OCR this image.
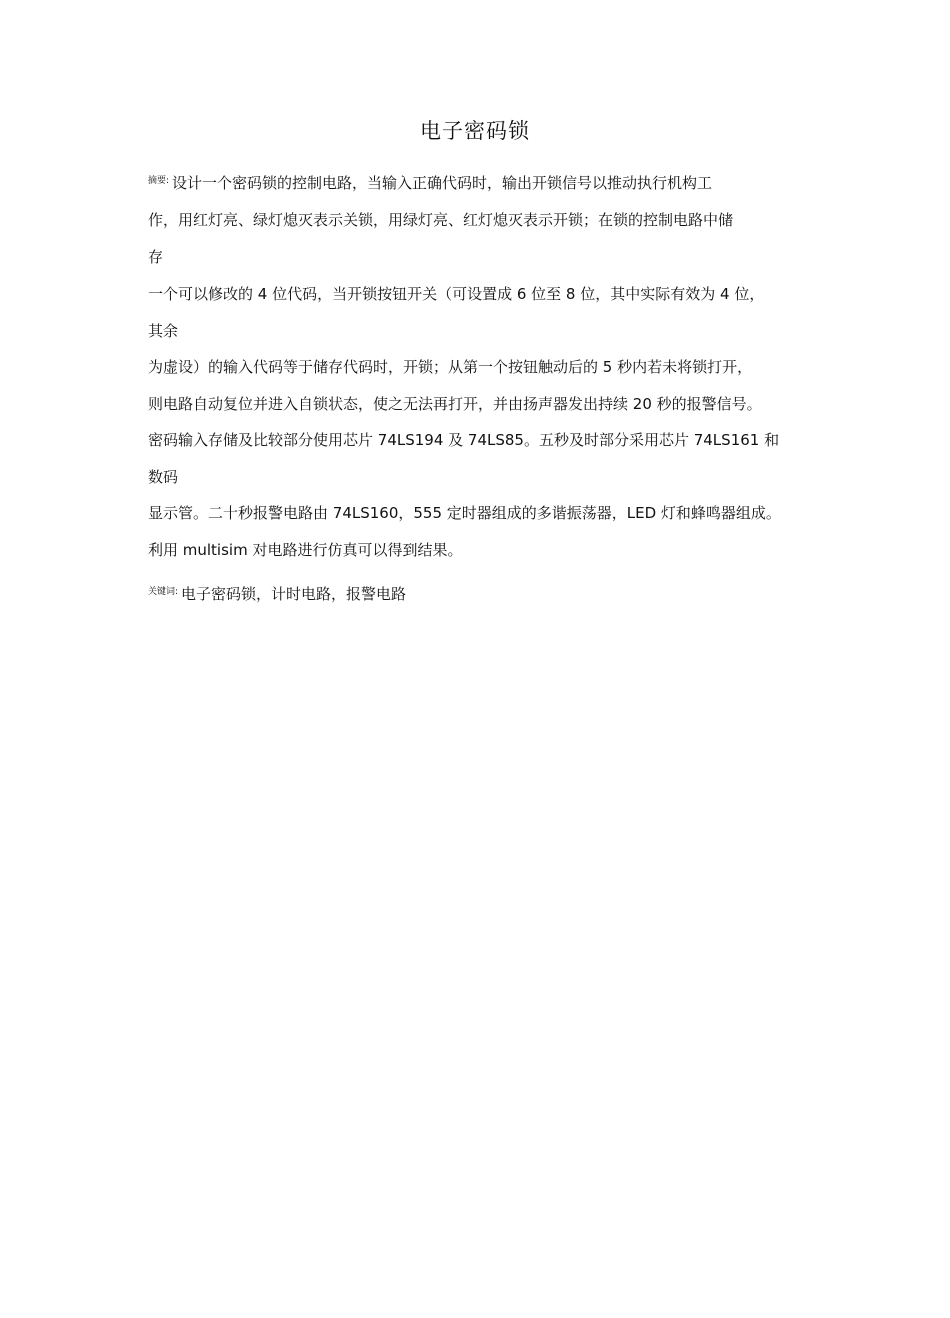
电子密码锁
$^{摘要:}$ 设计一个密码锁的控制电路，当输入正确代码时，输出开锁信号以推动执行机构工
作，用红灯亮、绿灯熄灭表示关锁，用绿灯亮、红灯熄灭表示开锁；在锁的控制电路中储
存
一个可以修改的 4 位代码，当开锁按钮开关（可设置成 6 位至 8 位，其中实际有效为 4 位，
其余
为虚设）的输入代码等于储存代码时，开锁；从第一个按钮触动后的 5 秒内若未将锁打开，
则电路自动复位并进入自锁状态，使之无法再打开，并由扬声器发出持续 20 秒的报警信号。
密码输入存储及比较部分使用芯片 74LS194 及 74LS85。五秒及时部分采用芯片 74LS161 和
数码
显示管。二十秒报警电路由 74LS160，555 定时器组成的多谐振荡器，LED 灯和蜂鸣器组成。
利用 multisim 对电路进行仿真可以得到结果。
$^{关键词:}$ 电子密码锁，计时电路，报警电路
